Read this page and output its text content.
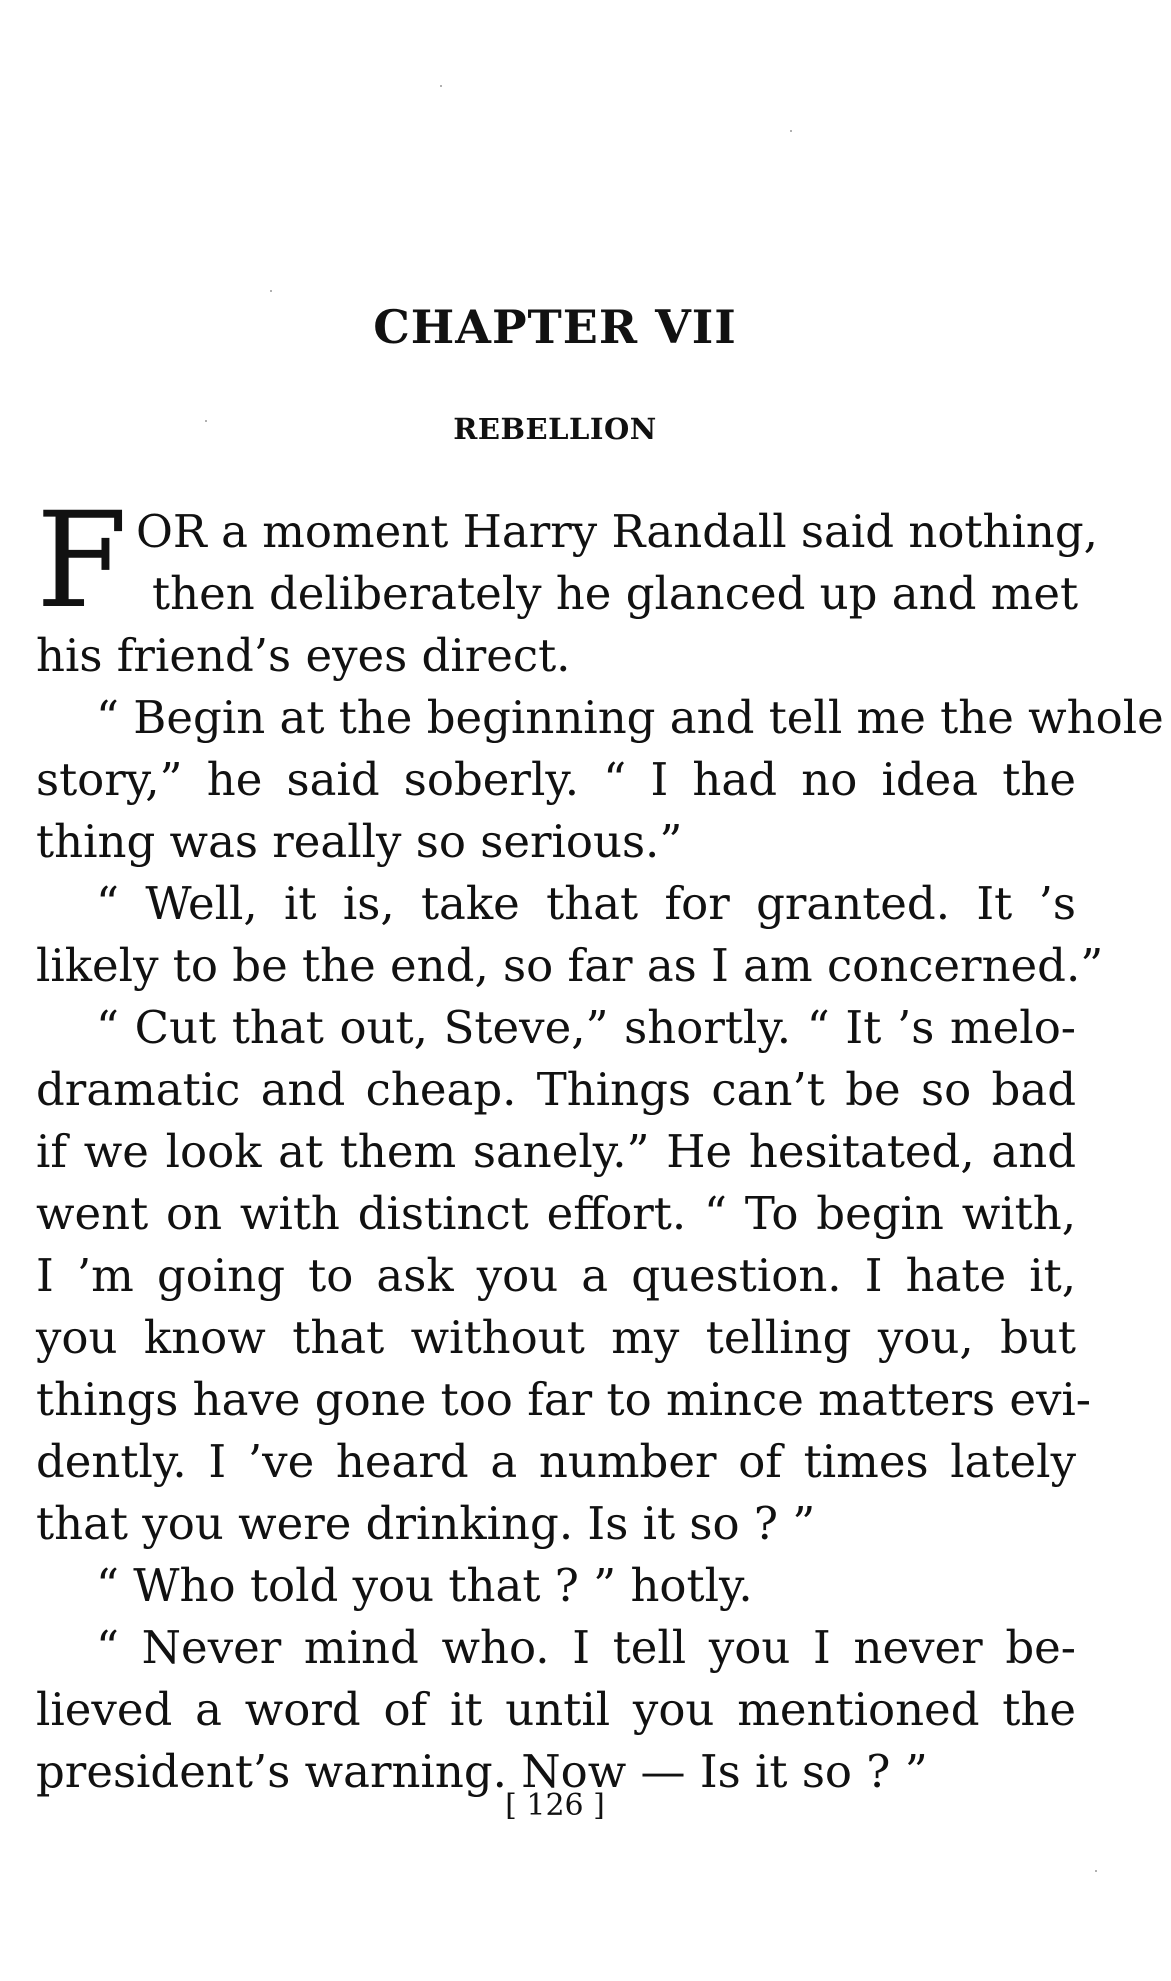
CHAPTER VII
REBELLION
F OR a moment Harry Randall said nothing,
then deliberately he glanced up and met
his friend’s eyes direct.
“ Begin at the beginning and tell me the whole
story,” he said soberly. “ I had no idea the
thing was really so serious.”
“ Well, it is, take that for granted. It ’s
likely to be the end, so far as I am concerned.”
“ Cut that out, Steve,” shortly. “ It ’s melo-
dramatic and cheap. Things can’t be so bad
if we look at them sanely.” He hesitated, and
went on with distinct effort. “ To begin with,
I ’m going to ask you a question. I hate it,
you know that without my telling you, but
things have gone too far to mince matters evi-
dently. I ’ve heard a number of times lately
that you were drinking. Is it so ? ”
“ Who told you that ? ” hotly.
“ Never mind who. I tell you I never be-
lieved a word of it until you mentioned the
president’s warning. Now — Is it so ? ”
[ 126 ]
